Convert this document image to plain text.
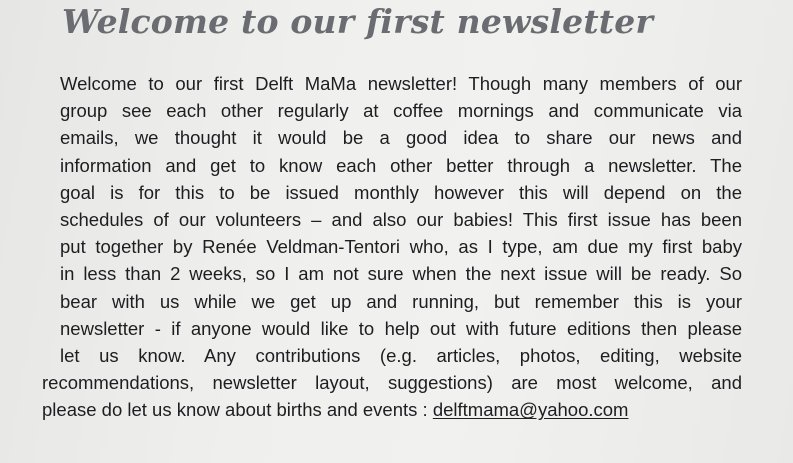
Welcome to our first newsletter
Welcome to our first Delft MaMa newsletter! Though many members of our
group see each other regularly at coffee mornings and communicate via
emails, we thought it would be a good idea to share our news and
information and get to know each other better through a newsletter. The
goal is for this to be issued monthly however this will depend on the
schedules of our volunteers – and also our babies! This first issue has been
put together by Renée Veldman-Tentori who, as I type, am due my first baby
in less than 2 weeks, so I am not sure when the next issue will be ready. So
bear with us while we get up and running, but remember this is your
newsletter - if anyone would like to help out with future editions then please
let us know. Any contributions (e.g. articles, photos, editing, website
recommendations, newsletter layout, suggestions) are most welcome, and
please do let us know about births and events : delftmama@yahoo.com
